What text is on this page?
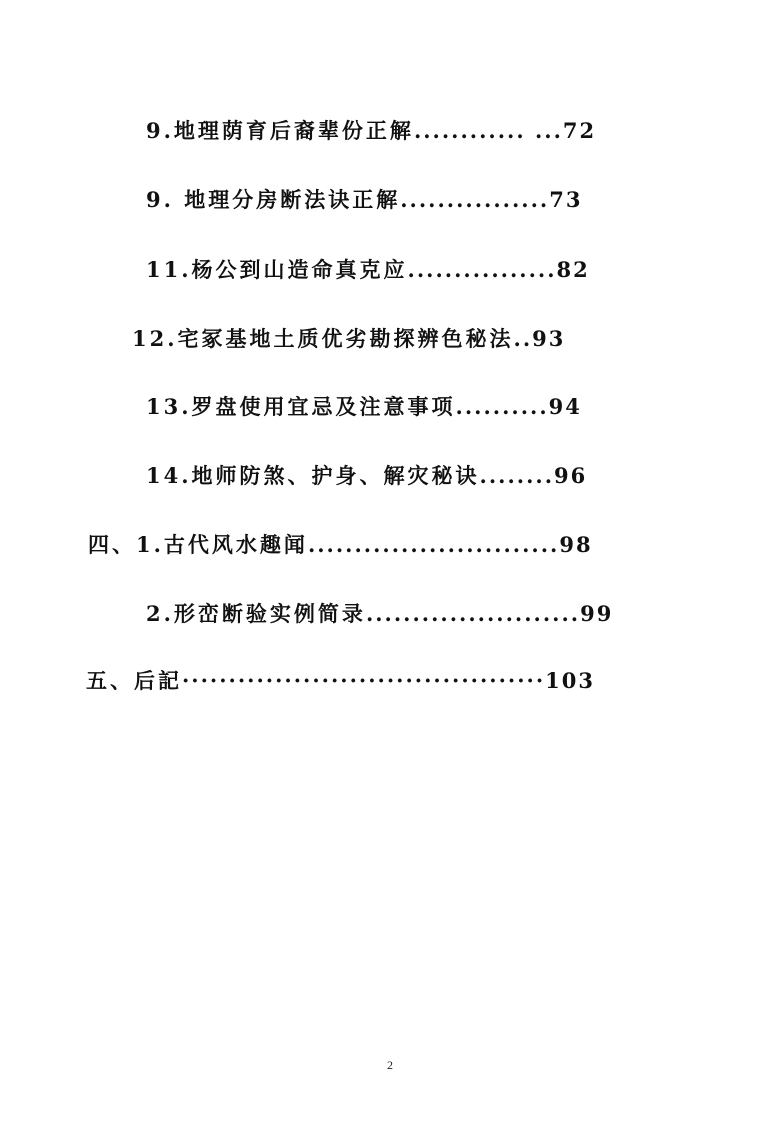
9.地理荫育后裔辈份正解............ ...72
9. 地理分房断法诀正解................73
11.杨公到山造命真克应................82
12.宅冢基地土质优劣勘探辨色秘法..93
13.罗盘使用宜忌及注意事项..........94
14.地师防煞、护身、解灾秘诀........96
四、1.古代风水趣闻...........................98
2.形峦断验实例简录.......................99
五、后記·······································103
2
